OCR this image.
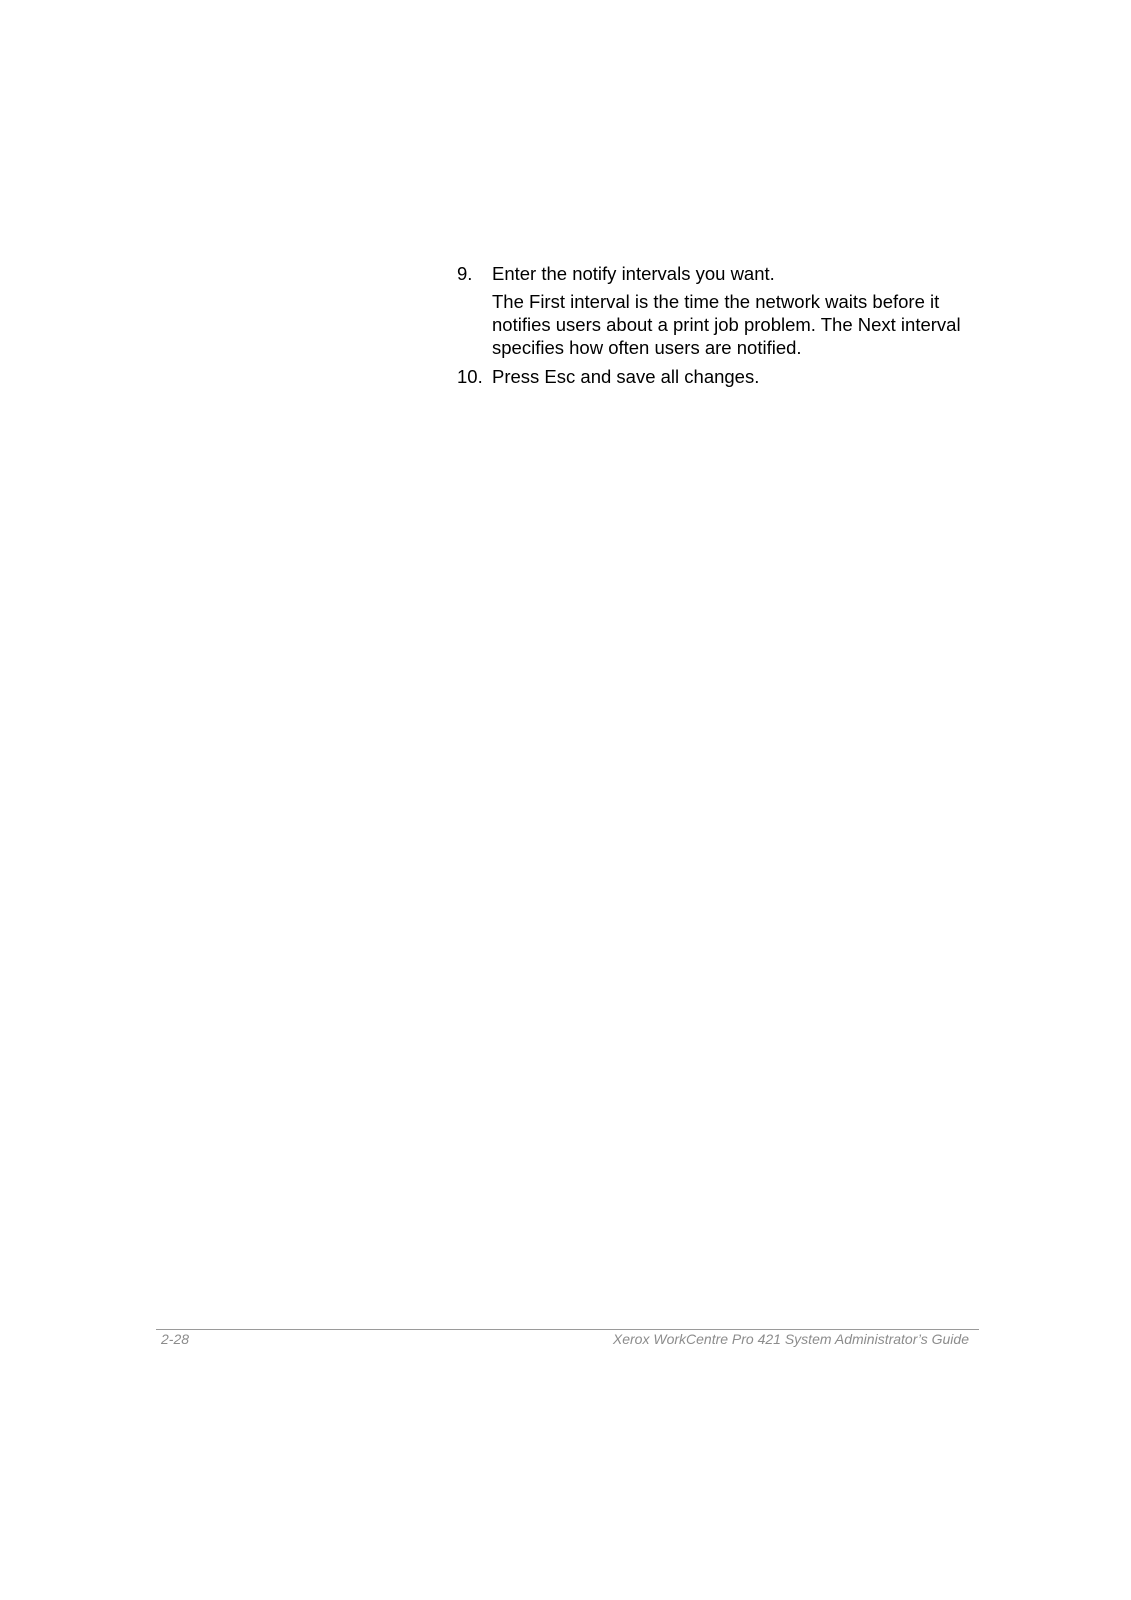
9. Enter the notify intervals you want.
The First interval is the time the network waits before it notifies users about a print job problem. The Next interval specifies how often users are notified.
10. Press Esc and save all changes.
2-28	Xerox WorkCentre Pro 421 System Administrator’s Guide
